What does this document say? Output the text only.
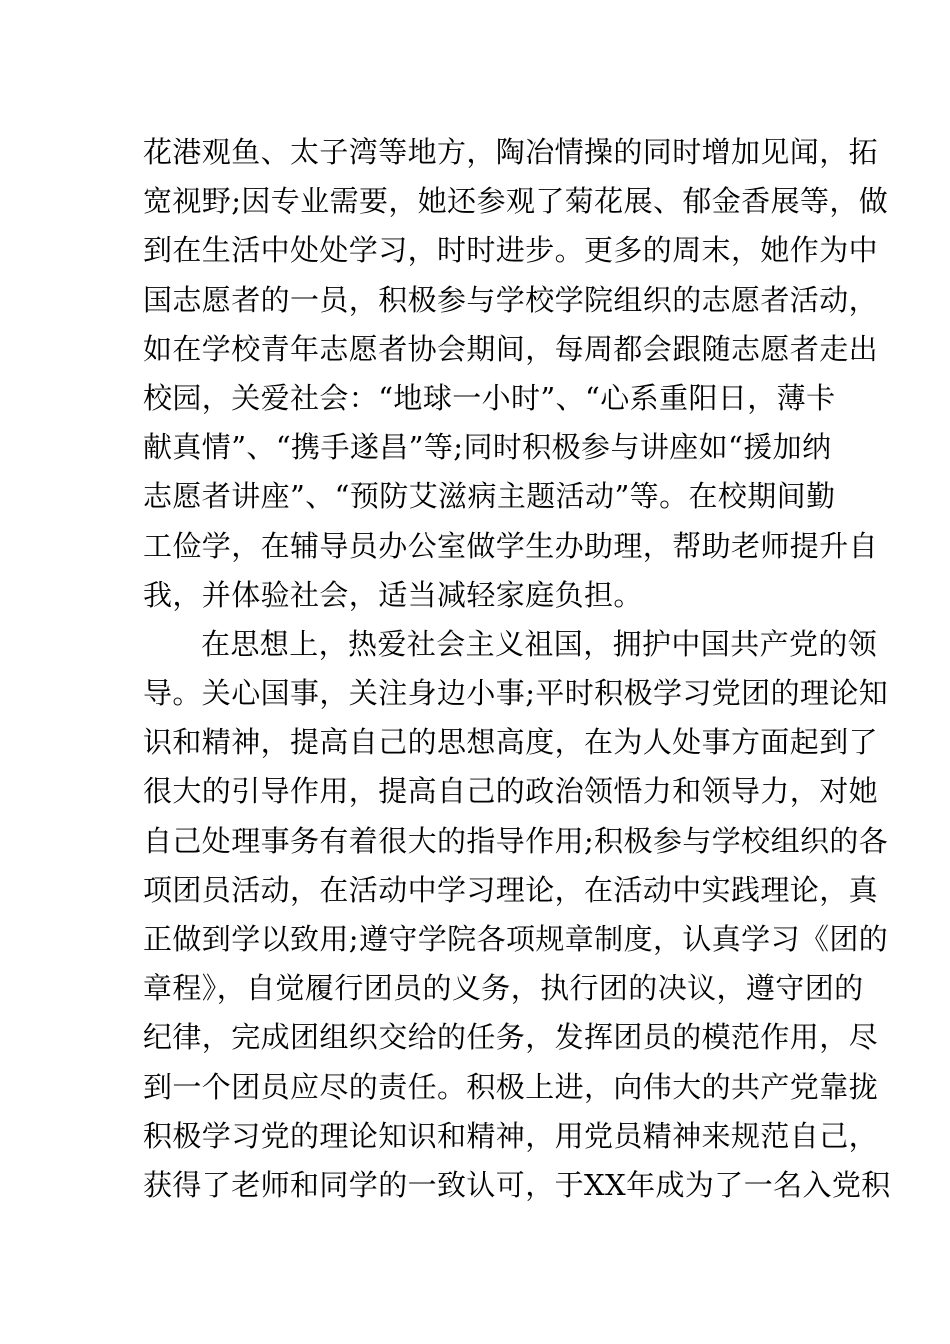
花港观鱼、太子湾等地方，陶冶情操的同时增加见闻，拓
宽视野;因专业需要，她还参观了菊花展、郁金香展等，做
到在生活中处处学习，时时进步。更多的周末，她作为中
国志愿者的一员，积极参与学校学院组织的志愿者活动，
如在学校青年志愿者协会期间，每周都会跟随志愿者走出
校园，关爱社会：“地球一小时”、“心系重阳日，薄卡
献真情”、“携手遂昌”等;同时积极参与讲座如“援加纳
志愿者讲座”、“预防艾滋病主题活动”等。在校期间勤
工俭学，在辅导员办公室做学生办助理，帮助老师提升自
我，并体验社会，适当减轻家庭负担。
在思想上，热爱社会主义祖国，拥护中国共产党的领
导。关心国事，关注身边小事;平时积极学习党团的理论知
识和精神，提高自己的思想高度，在为人处事方面起到了
很大的引导作用，提高自己的政治领悟力和领导力，对她
自己处理事务有着很大的指导作用;积极参与学校组织的各
项团员活动，在活动中学习理论，在活动中实践理论，真
正做到学以致用;遵守学院各项规章制度，认真学习《团的
章程》，自觉履行团员的义务，执行团的决议，遵守团的
纪律，完成团组织交给的任务，发挥团员的模范作用，尽
到一个团员应尽的责任。积极上进，向伟大的共产党靠拢
积极学习党的理论知识和精神，用党员精神来规范自己，
获得了老师和同学的一致认可，于XX年成为了一名入党积
